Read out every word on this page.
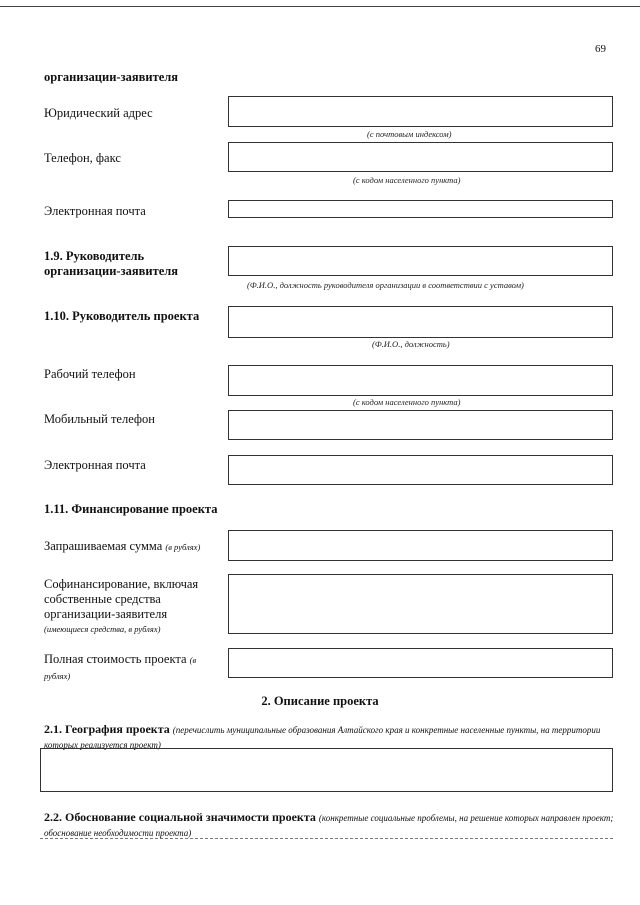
69
организации-заявителя
Юридический адрес
(с почтовым индексом)
Телефон, факс
(с кодом населенного пункта)
Электронная почта
1.9. Руководитель организации-заявителя
(Ф.И.О., должность руководителя организации в соответствии с уставом)
1.10. Руководитель проекта
(Ф.И.О., должность)
Рабочий телефон
(с кодом населенного пункта)
Мобильный телефон
Электронная почта
1.11. Финансирование проекта
Запрашиваемая сумма (в рублях)
Софинансирование, включая собственные средства организации-заявителя
(имеющиеся средства, в рублях)
Полная стоимость проекта (в рублях)
2. Описание проекта
2.1. География проекта (перечислить муниципальные образования Алтайского края и конкретные населенные пункты, на территории которых реализуется проект)
2.2. Обоснование социальной значимости проекта (конкретные социальные проблемы, на решение которых направлен проект; обоснование необходимости проекта)
